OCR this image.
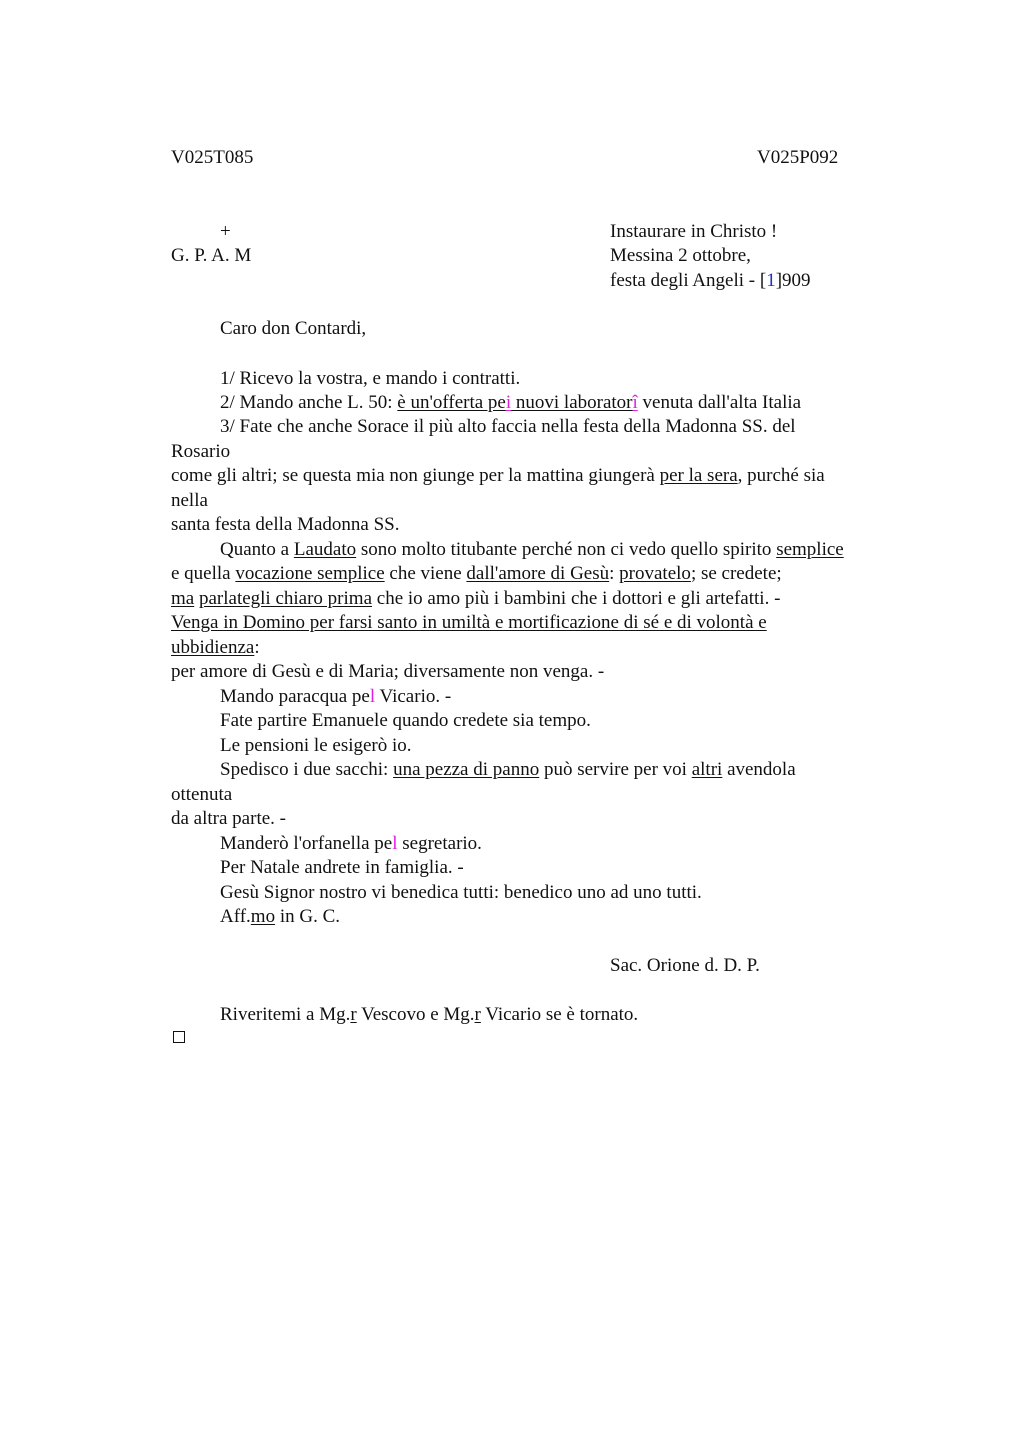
V025T085	V025P092
+	Instaurare in Christo !
G. P. A. M	Messina 2 ottobre,
festa degli Angeli - [1]909
Caro don Contardi,
1/ Ricevo la vostra, e mando i contratti.
2/ Mando anche L. 50: è un'offerta pei nuovi laboratorî venuta dall'alta Italia
3/ Fate che anche Sorace il più alto faccia nella festa della Madonna SS. del
Rosario
come gli altri; se questa mia non giunge per la mattina giungerà per la sera, purché sia
nella
santa festa della Madonna SS.
Quanto a Laudato sono molto titubante perché non ci vedo quello spirito semplice
e quella vocazione semplice che viene dall'amore di Gesù: provatelo; se credete;
ma parlategli chiaro prima che io amo più i bambini che i dottori e gli artefatti. -
Venga in Domino per farsi santo in umiltà e mortificazione di sé e di volontà e
ubbidienza:
per amore di Gesù e di Maria; diversamente non venga. -
Mando paracqua pel Vicario. -
Fate partire Emanuele quando credete sia tempo.
Le pensioni le esigerò io.
Spedisco i due sacchi: una pezza di panno può servire per voi altri avendola
ottenuta
da altra parte. -
Manderò l'orfanella pel segretario.
Per Natale andrete in famiglia. -
Gesù Signor nostro vi benedica tutti: benedico uno ad uno tutti.
Aff.mo in G. C.
Sac. Orione d. D. P.
Riveritemi a Mg.r Vescovo e Mg.r Vicario se è tornato.
